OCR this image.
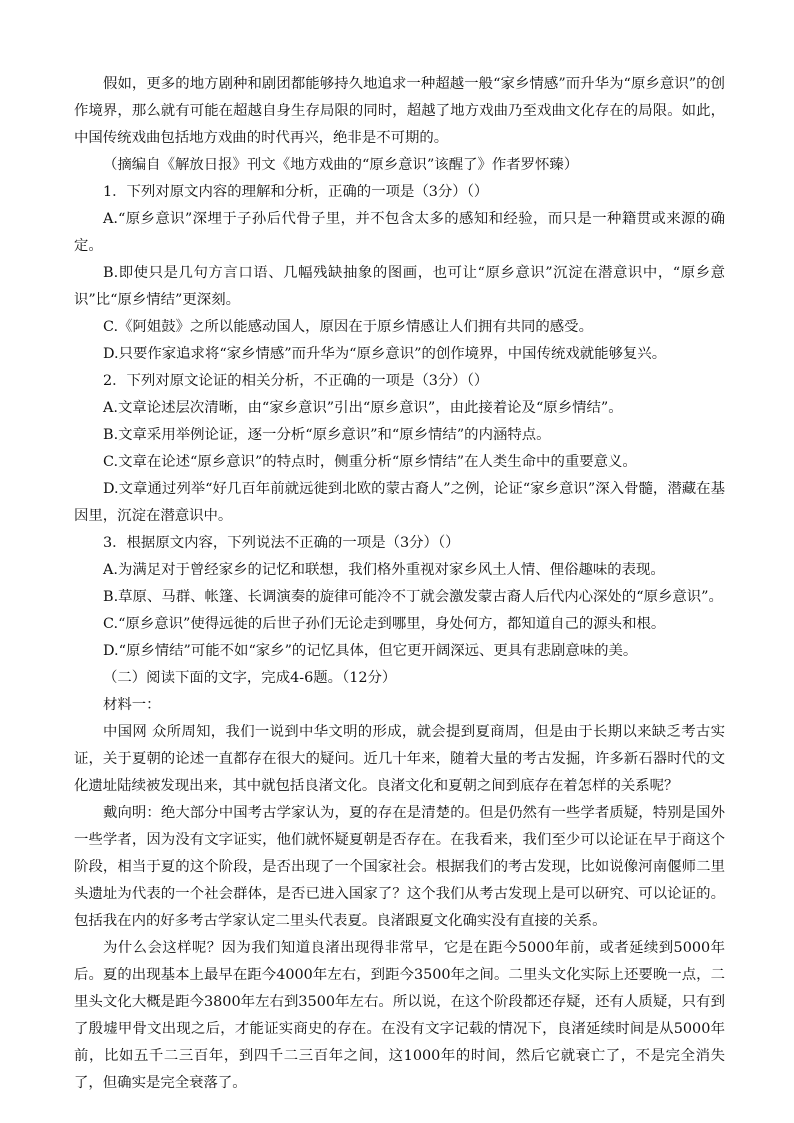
假如，更多的地方剧种和剧团都能够持久地追求一种超越一般“家乡情感”而升华为“原乡意识”的创作境界，那么就有可能在超越自身生存局限的同时，超越了地方戏曲乃至戏曲文化存在的局限。如此，中国传统戏曲包括地方戏曲的时代再兴，绝非是不可期的。

（摘编自《解放日报》刊文《地方戏曲的“原乡意识”该醒了》作者罗怀臻）

1．下列对原文内容的理解和分析，正确的一项是（3分）（）

A.“原乡意识”深埋于子孙后代骨子里，并不包含太多的感知和经验，而只是一种籍贯或来源的确定。

B.即使只是几句方言口语、几幅残缺抽象的图画，也可让“原乡意识”沉淀在潜意识中，“原乡意识”比“原乡情结”更深刻。

C.《阿姐鼓》之所以能感动国人，原因在于原乡情感让人们拥有共同的感受。

D.只要作家追求将“家乡情感”而升华为“原乡意识”的创作境界，中国传统戏就能够复兴。

2．下列对原文论证的相关分析，不正确的一项是（3分）（）

A.文章论述层次清晰，由“家乡意识”引出“原乡意识”，由此接着论及“原乡情结”。

B.文章采用举例论证，逐一分析“原乡意识”和“原乡情结”的内涵特点。

C.文章在论述“原乡意识”的特点时，侧重分析“原乡情结”在人类生命中的重要意义。

D.文章通过列举“好几百年前就远徙到北欧的蒙古裔人”之例，论证“家乡意识”深入骨髓，潜藏在基因里，沉淀在潜意识中。

3．根据原文内容，下列说法不正确的一项是（3分）（）

A.为满足对于曾经家乡的记忆和联想，我们格外重视对家乡风土人情、俚俗趣味的表现。

B.草原、马群、帐篷、长调演奏的旋律可能冷不丁就会激发蒙古裔人后代内心深处的“原乡意识”。

C.“原乡意识”使得远徙的后世子孙们无论走到哪里，身处何方，都知道自己的源头和根。

D.“原乡情结”可能不如“家乡”的记忆具体，但它更开阔深远、更具有悲剧意味的美。

（二）阅读下面的文字，完成4-6题。（12分）

材料一：

中国网 众所周知，我们一说到中华文明的形成，就会提到夏商周，但是由于长期以来缺乏考古实证，关于夏朝的论述一直都存在很大的疑问。近几十年来，随着大量的考古发掘，许多新石器时代的文化遗址陆续被发现出来，其中就包括良渚文化。良渚文化和夏朝之间到底存在着怎样的关系呢？

戴向明：绝大部分中国考古学家认为，夏的存在是清楚的。但是仍然有一些学者质疑，特别是国外一些学者，因为没有文字证实，他们就怀疑夏朝是否存在。在我看来，我们至少可以论证在早于商这个阶段，相当于夏的这个阶段，是否出现了一个国家社会。根据我们的考古发现，比如说像河南偃师二里头遗址为代表的一个社会群体，是否已进入国家了？这个我们从考古发现上是可以研究、可以论证的。包括我在内的好多考古学家认定二里头代表夏。良渚跟夏文化确实没有直接的关系。

为什么会这样呢？因为我们知道良渚出现得非常早，它是在距今5000年前，或者延续到5000年后。夏的出现基本上最早在距今4000年左右，到距今3500年之间。二里头文化实际上还要晚一点，二里头文化大概是距今3800年左右到3500年左右。所以说，在这个阶段都还存疑，还有人质疑，只有到了殷墟甲骨文出现之后，才能证实商史的存在。在没有文字记载的情况下，良渚延续时间是从5000年前，比如五千二三百年，到四千二三百年之间，这1000年的时间，然后它就衰亡了，不是完全消失了，但确实是完全衰落了。
